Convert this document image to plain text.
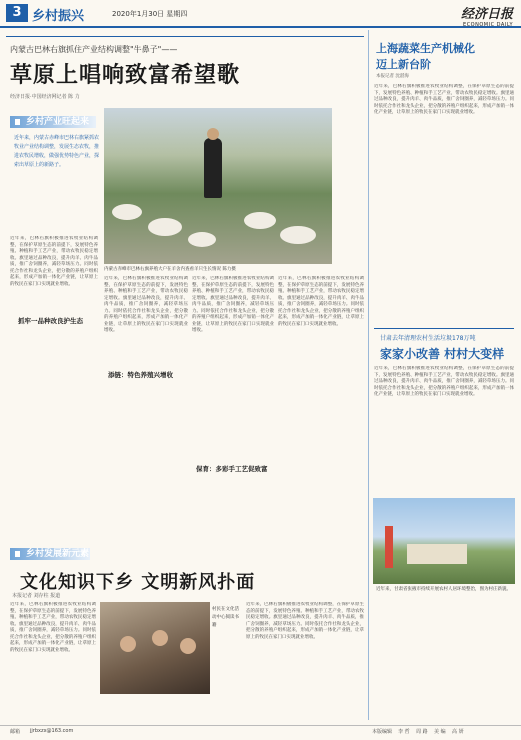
3 乡村振兴	2020年1月30日 星期四	经济日报
ECONOMIC DAILY
内蒙古巴林右旗抓住产业结构调整"牛鼻子"——
草原上唱响致富希望歌
经济日报·中国经济网记者 陈 力
乡村产业旺起来
近年来，内蒙古赤峰市巴林右旗紧抓农牧业产业结构调整，发展生态农牧，推进农牧民增收，做强优势特色产业，探索出草原上的新路子。
内蒙古赤峰市巴林右旗养殖大户在羊舍内查看羊只生长情况 陈力摄
近年来，巴林右旗积极推进农牧业结构调整，在保护草原生态的前提下，发展特色养殖、种植和手工艺产业，带动农牧民稳定增收。旗里通过品种改良，提升肉羊、肉牛品质，推广舍饲圈养，减轻草场压力。同时依托合作社和龙头企业，把分散的养殖户组织起来，形成产加销一体化产业链，让草原上的牧民在家门口实现就业增收。
抓牢一品种改良护生态
近年来，巴林右旗积极推进农牧业结构调整，在保护草原生态的前提下，发展特色养殖、种植和手工艺产业，带动农牧民稳定增收。旗里通过品种改良，提升肉羊、肉牛品质，推广舍饲圈养，减轻草场压力。同时依托合作社和龙头企业，把分散的养殖户组织起来，形成产加销一体化产业链，让草原上的牧民在家门口实现就业增收。
添链：特色养殖兴增收
近年来，巴林右旗积极推进农牧业结构调整，在保护草原生态的前提下，发展特色养殖、种植和手工艺产业，带动农牧民稳定增收。旗里通过品种改良，提升肉羊、肉牛品质，推广舍饲圈养，减轻草场压力。同时依托合作社和龙头企业，把分散的养殖户组织起来，形成产加销一体化产业链，让草原上的牧民在家门口实现就业增收。
保育：多彩手工艺促致富
近年来，巴林右旗积极推进农牧业结构调整，在保护草原生态的前提下，发展特色养殖、种植和手工艺产业，带动农牧民稳定增收。旗里通过品种改良，提升肉羊、肉牛品质，推广舍饲圈养，减轻草场压力。同时依托合作社和龙头企业，把分散的养殖户组织起来，形成产加销一体化产业链，让草原上的牧民在家门口实现就业增收。
乡村发展新元素
文化知识下乡 文明新风扑面
本报记者 刘存柱 报道
近年来，巴林右旗积极推进农牧业结构调整，在保护草原生态的前提下，发展特色养殖、种植和手工艺产业，带动农牧民稳定增收。旗里通过品种改良，提升肉羊、肉牛品质，推广舍饲圈养，减轻草场压力。同时依托合作社和龙头企业，把分散的养殖户组织起来，形成产加销一体化产业链，让草原上的牧民在家门口实现就业增收。
村民在文化活动中心阅读书籍
近年来，巴林右旗积极推进农牧业结构调整，在保护草原生态的前提下，发展特色养殖、种植和手工艺产业，带动农牧民稳定增收。旗里通过品种改良，提升肉羊、肉牛品质，推广舍饲圈养，减轻草场压力。同时依托合作社和龙头企业，把分散的养殖户组织起来，形成产加销一体化产业链，让草原上的牧民在家门口实现就业增收。
上海蔬菜生产机械化
迈上新台阶
本报记者 沈湛海
近年来，巴林右旗积极推进农牧业结构调整，在保护草原生态的前提下，发展特色养殖、种植和手工艺产业，带动农牧民稳定增收。旗里通过品种改良，提升肉羊、肉牛品质，推广舍饲圈养，减轻草场压力。同时依托合作社和龙头企业，把分散的养殖户组织起来，形成产加销一体化产业链，让草原上的牧民在家门口实现就业增收。
甘肃去年清理农村生活垃圾178万吨
家家小改善 村村大变样
近年来，巴林右旗积极推进农牧业结构调整，在保护草原生态的前提下，发展特色养殖、种植和手工艺产业，带动农牧民稳定增收。旗里通过品种改良，提升肉羊、肉牛品质，推广舍饲圈养，减轻草场压力。同时依托合作社和龙头企业，把分散的养殖户组织起来，形成产加销一体化产业链，让草原上的牧民在家门口实现就业增收。
近年来，甘肃省张掖市持续开展农村人居环境整治，图为村庄新貌。
本版编辑 李 哲 周 路 美 编 高 妍
邮箱 jjrbxzx@163.com
